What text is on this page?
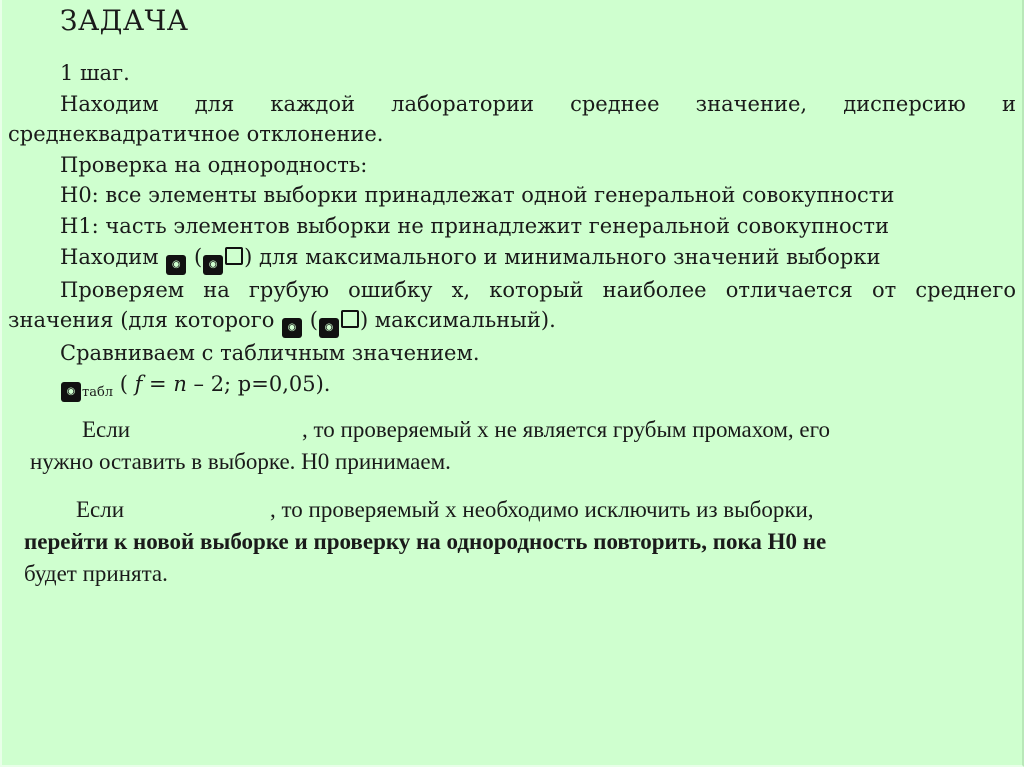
ЗАДАЧА

1 шаг.

Находим для каждой лаборатории среднее значение, дисперсию и

среднеквадратичное отклонение.

Проверка на однородность:

Н0: все элементы выборки принадлежат одной генеральной совокупности

Н1: часть элементов выборки не принадлежит генеральной совокупности

Находим ◉ ( ◉ ) для максимального и минимального значений выборки

Проверяем на грубую ошибку x, который наиболее отличается от среднего

значения (для которого ◉ ( ◉ ) максимальный).

Сравниваем с табличным значением.

◉ $_{табл}$ ( f = n – 2; p=0,05).

Если	, то проверяемый x не является грубым промахом, его
нужно оставить в выборке. Н0 принимаем.
Если	, то проверяемый x необходимо исключить из выборки,
перейти к новой выборке и проверку на однородность повторить, пока Н0 не
будет принята.
